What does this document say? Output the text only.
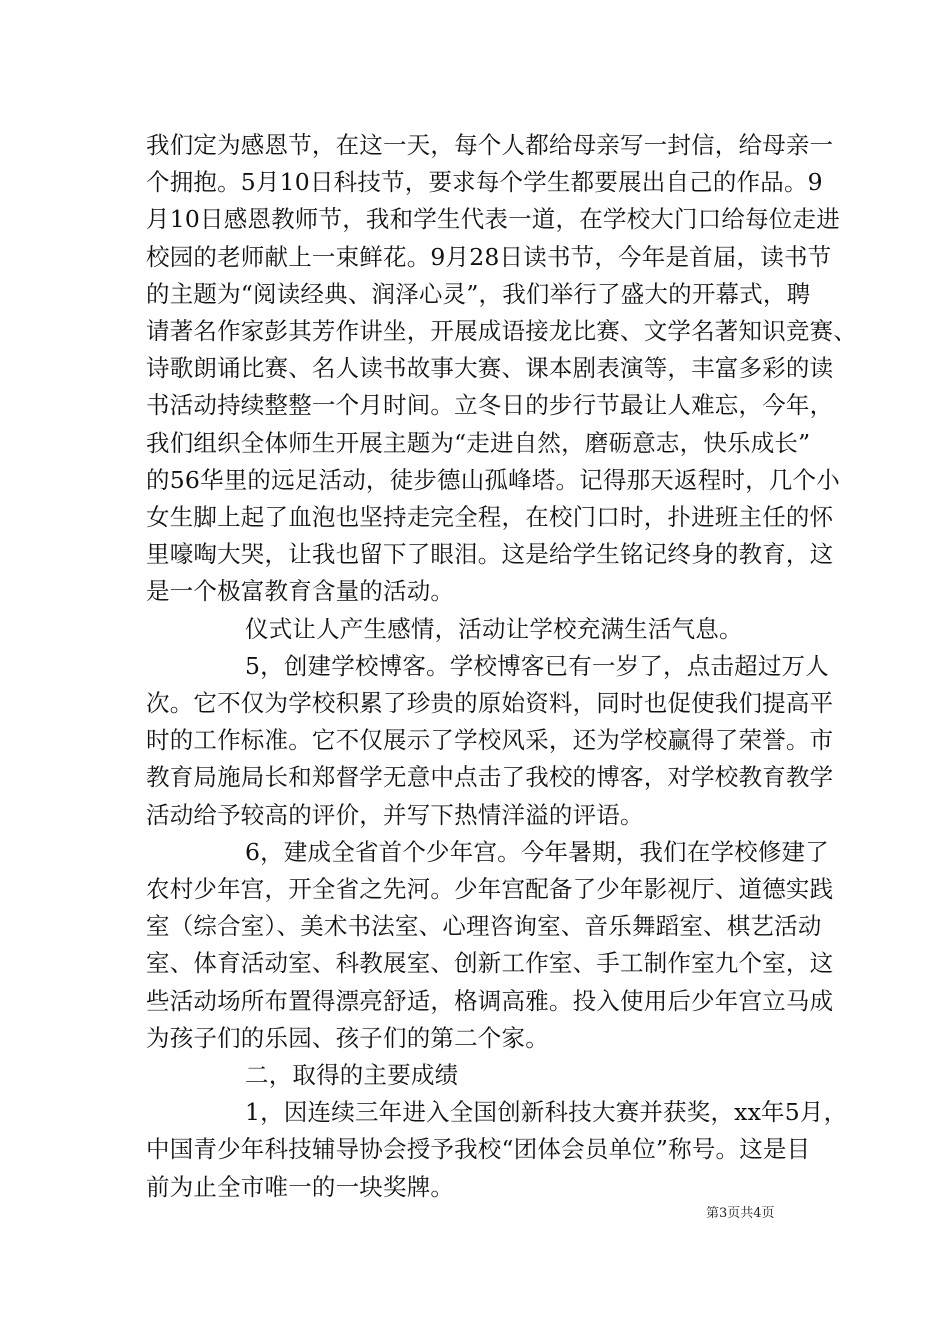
我们定为感恩节，在这一天，每个人都给母亲写一封信，给母亲一
个拥抱。5月10日科技节，要求每个学生都要展出自己的作品。9
月10日感恩教师节，我和学生代表一道，在学校大门口给每位走进
校园的老师献上一束鲜花。9月28日读书节，今年是首届，读书节
的主题为“阅读经典、润泽心灵”，我们举行了盛大的开幕式，聘
请著名作家彭其芳作讲坐，开展成语接龙比赛、文学名著知识竞赛、
诗歌朗诵比赛、名人读书故事大赛、课本剧表演等，丰富多彩的读
书活动持续整整一个月时间。立冬日的步行节最让人难忘，今年，
我们组织全体师生开展主题为“走进自然，磨砺意志，快乐成长”
的56华里的远足活动，徒步德山孤峰塔。记得那天返程时，几个小
女生脚上起了血泡也坚持走完全程，在校门口时，扑进班主任的怀
里嚎啕大哭，让我也留下了眼泪。这是给学生铭记终身的教育，这
是一个极富教育含量的活动。
仪式让人产生感情，活动让学校充满生活气息。
5，创建学校博客。学校博客已有一岁了，点击超过万人
次。它不仅为学校积累了珍贵的原始资料，同时也促使我们提高平
时的工作标准。它不仅展示了学校风采，还为学校赢得了荣誉。市
教育局施局长和郑督学无意中点击了我校的博客，对学校教育教学
活动给予较高的评价，并写下热情洋溢的评语。
6，建成全省首个少年宫。今年暑期，我们在学校修建了
农村少年宫，开全省之先河。少年宫配备了少年影视厅、道德实践
室（综合室）、美术书法室、心理咨询室、音乐舞蹈室、棋艺活动
室、体育活动室、科教展室、创新工作室、手工制作室九个室，这
些活动场所布置得漂亮舒适，格调高雅。投入使用后少年宫立马成
为孩子们的乐园、孩子们的第二个家。
二，取得的主要成绩
1，因连续三年进入全国创新科技大赛并获奖，xx年5月，
中国青少年科技辅导协会授予我校“团体会员单位”称号。这是目
前为止全市唯一的一块奖牌。
第3页共4页
